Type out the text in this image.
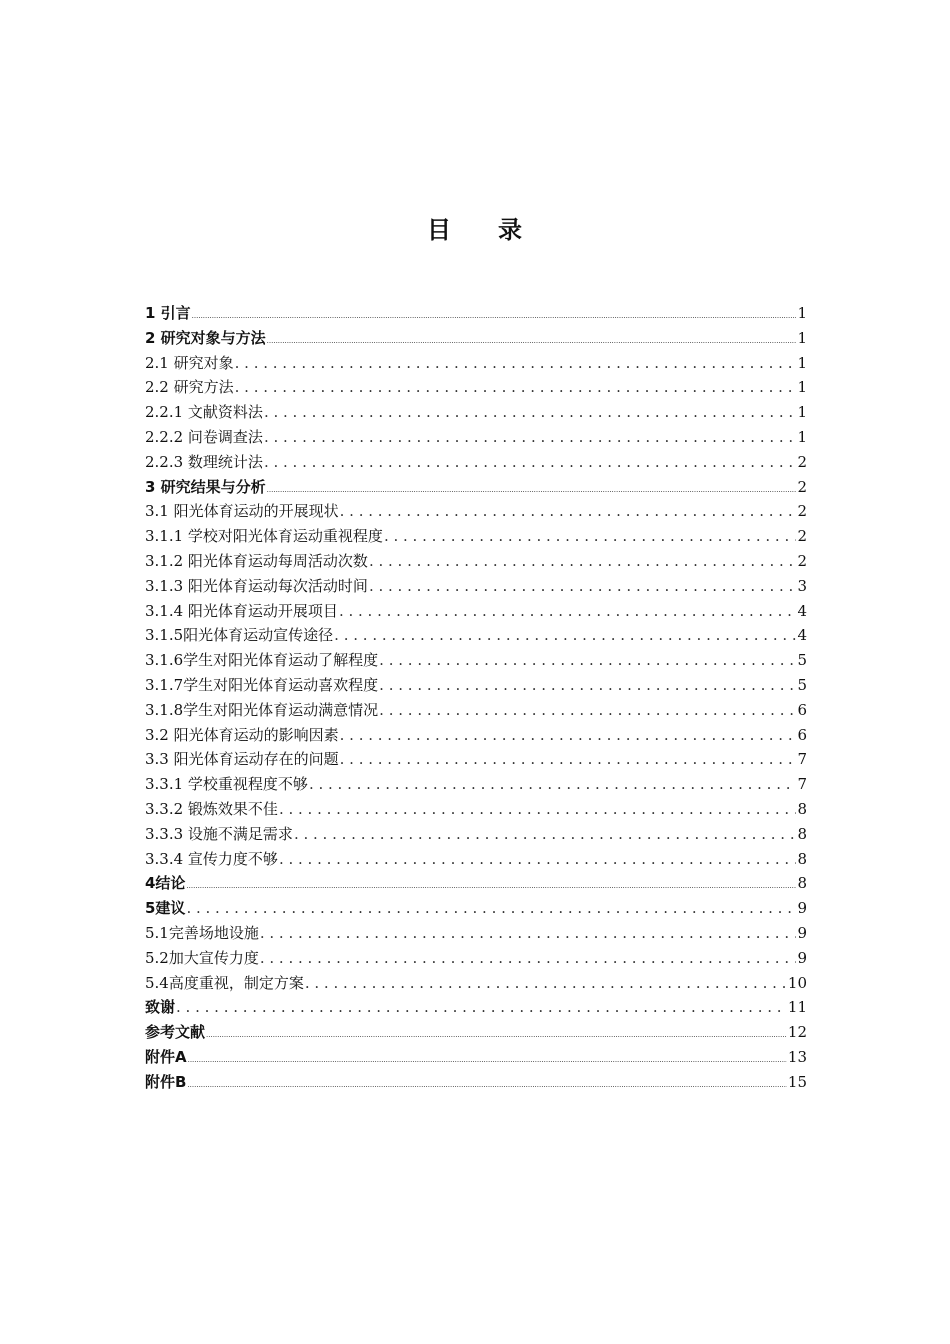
目 录
1 引言 .....	1
2 研究对象与方法 .....	1
2.1 研究对象 . . .	1
2.2 研究方法 . . .	1
2.2.1 文献资料法 . . .	1
2.2.2 问卷调查法 . . .	1
2.2.3 数理统计法 . . .	2
3 研究结果与分析 .....	2
3.1 阳光体育运动的开展现状 . . .	2
3.1.1 学校对阳光体育运动重视程度 . . .	2
3.1.2 阳光体育运动每周活动次数 . . .	2
3.1.3 阳光体育运动每次活动时间 . . .	3
3.1.4 阳光体育运动开展项目 . . .	4
3.1.5阳光体育运动宣传途径 . . .	4
3.1.6学生对阳光体育运动了解程度 . . .	5
3.1.7学生对阳光体育运动喜欢程度 . . .	5
3.1.8学生对阳光体育运动满意情况 . . .	6
3.2 阳光体育运动的影响因素 . . .	6
3.3 阳光体育运动存在的问题 . . .	7
3.3.1 学校重视程度不够 . . .	7
3.3.2 锻炼效果不佳 . . .	8
3.3.3 设施不满足需求 . . .	8
3.3.4 宣传力度不够 . . .	8
4结论 .....	8
5建议 . . .	9
5.1完善场地设施 . . .	9
5.2加大宣传力度 . . .	9
5.4高度重视，制定方案 . . .	10
致谢 . . .	11
参考文献 .....	12
附件A .....	13
附件B .....	15
